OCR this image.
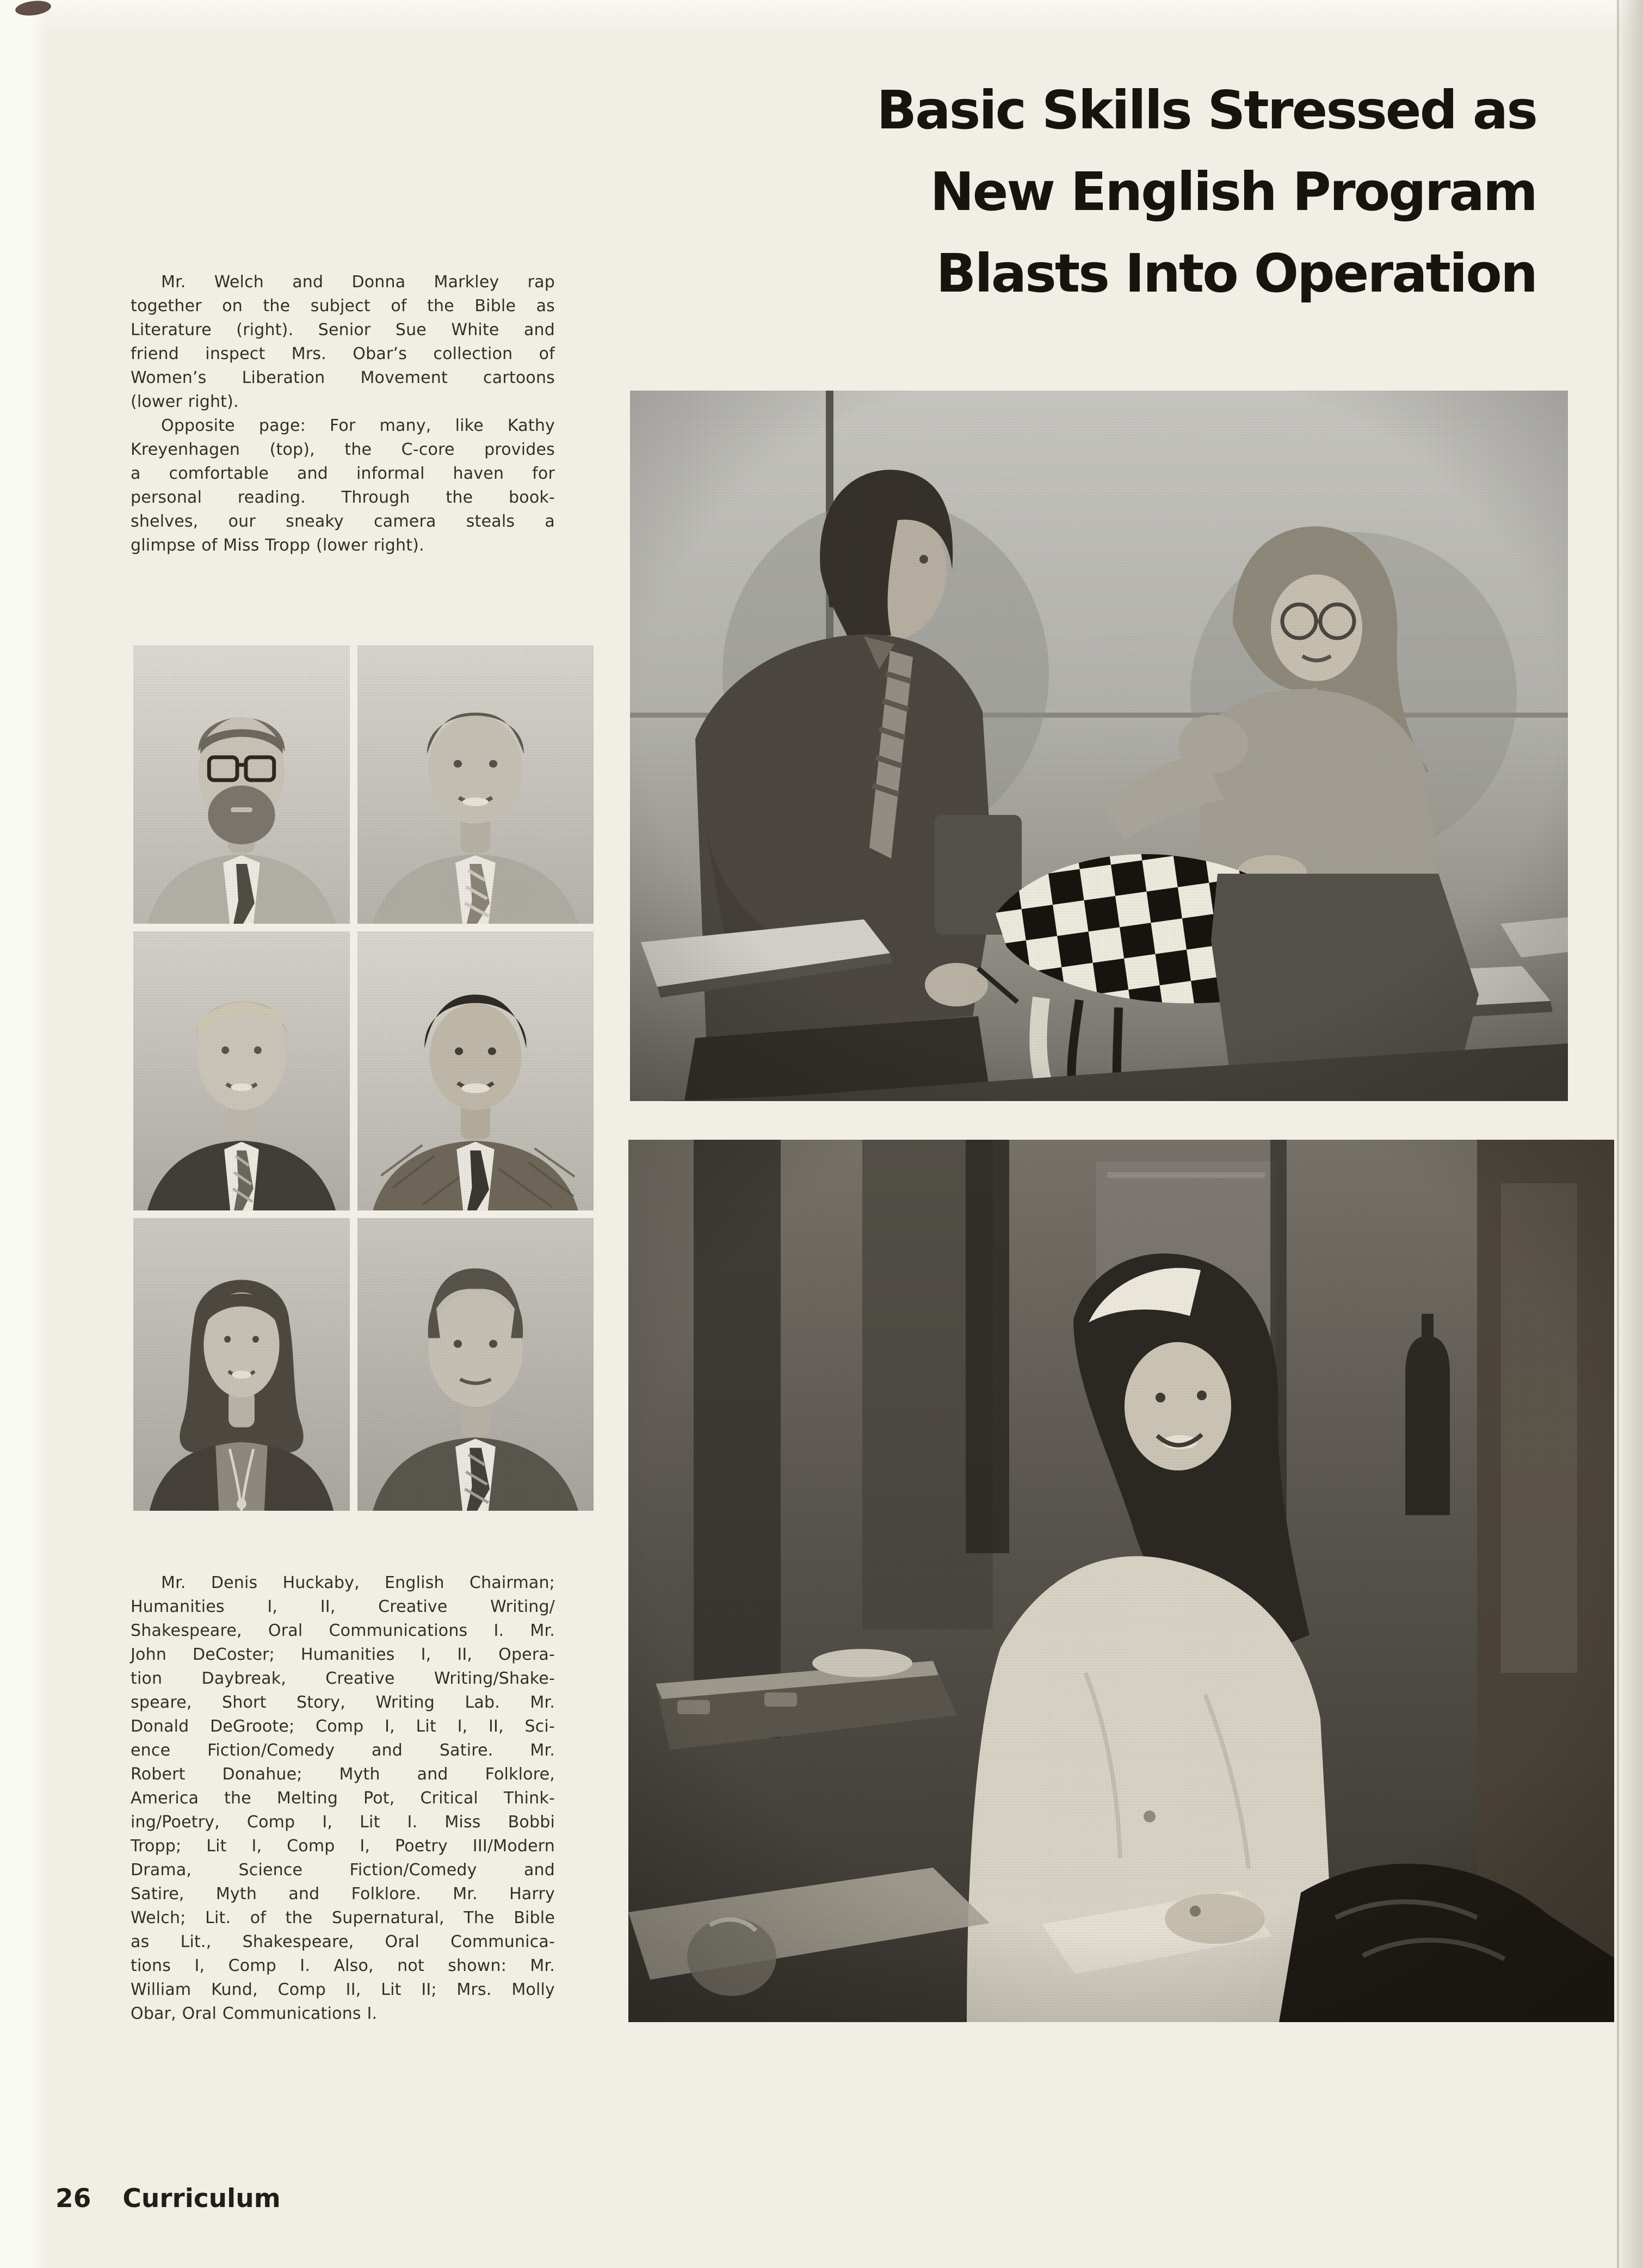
Basic Skills Stressed as
New English Program
Blasts Into Operation
Mr. Welch and Donna Markley rap
together on the subject of the Bible as
Literature (right). Senior Sue White and
friend inspect Mrs. Obar’s collection of
Women’s Liberation Movement cartoons
(lower right).
Opposite page: For many, like Kathy
Kreyenhagen (top), the C-core provides
a comfortable and informal haven for
personal reading. Through the book-
shelves, our sneaky camera steals a
glimpse of Miss Tropp (lower right).
Mr. Denis Huckaby, English Chairman;
Humanities I, II, Creative Writing/
Shakespeare, Oral Communications I. Mr.
John DeCoster; Humanities I, II, Opera-
tion Daybreak, Creative Writing/Shake-
speare, Short Story, Writing Lab. Mr.
Donald DeGroote; Comp I, Lit I, II, Sci-
ence Fiction/Comedy and Satire. Mr.
Robert Donahue; Myth and Folklore,
America the Melting Pot, Critical Think-
ing/Poetry, Comp I, Lit I. Miss Bobbi
Tropp; Lit I, Comp I, Poetry III/Modern
Drama, Science Fiction/Comedy and
Satire, Myth and Folklore. Mr. Harry
Welch; Lit. of the Supernatural, The Bible
as Lit., Shakespeare, Oral Communica-
tions I, Comp I. Also, not shown: Mr.
William Kund, Comp II, Lit II; Mrs. Molly
Obar, Oral Communications I.
26 Curriculum
